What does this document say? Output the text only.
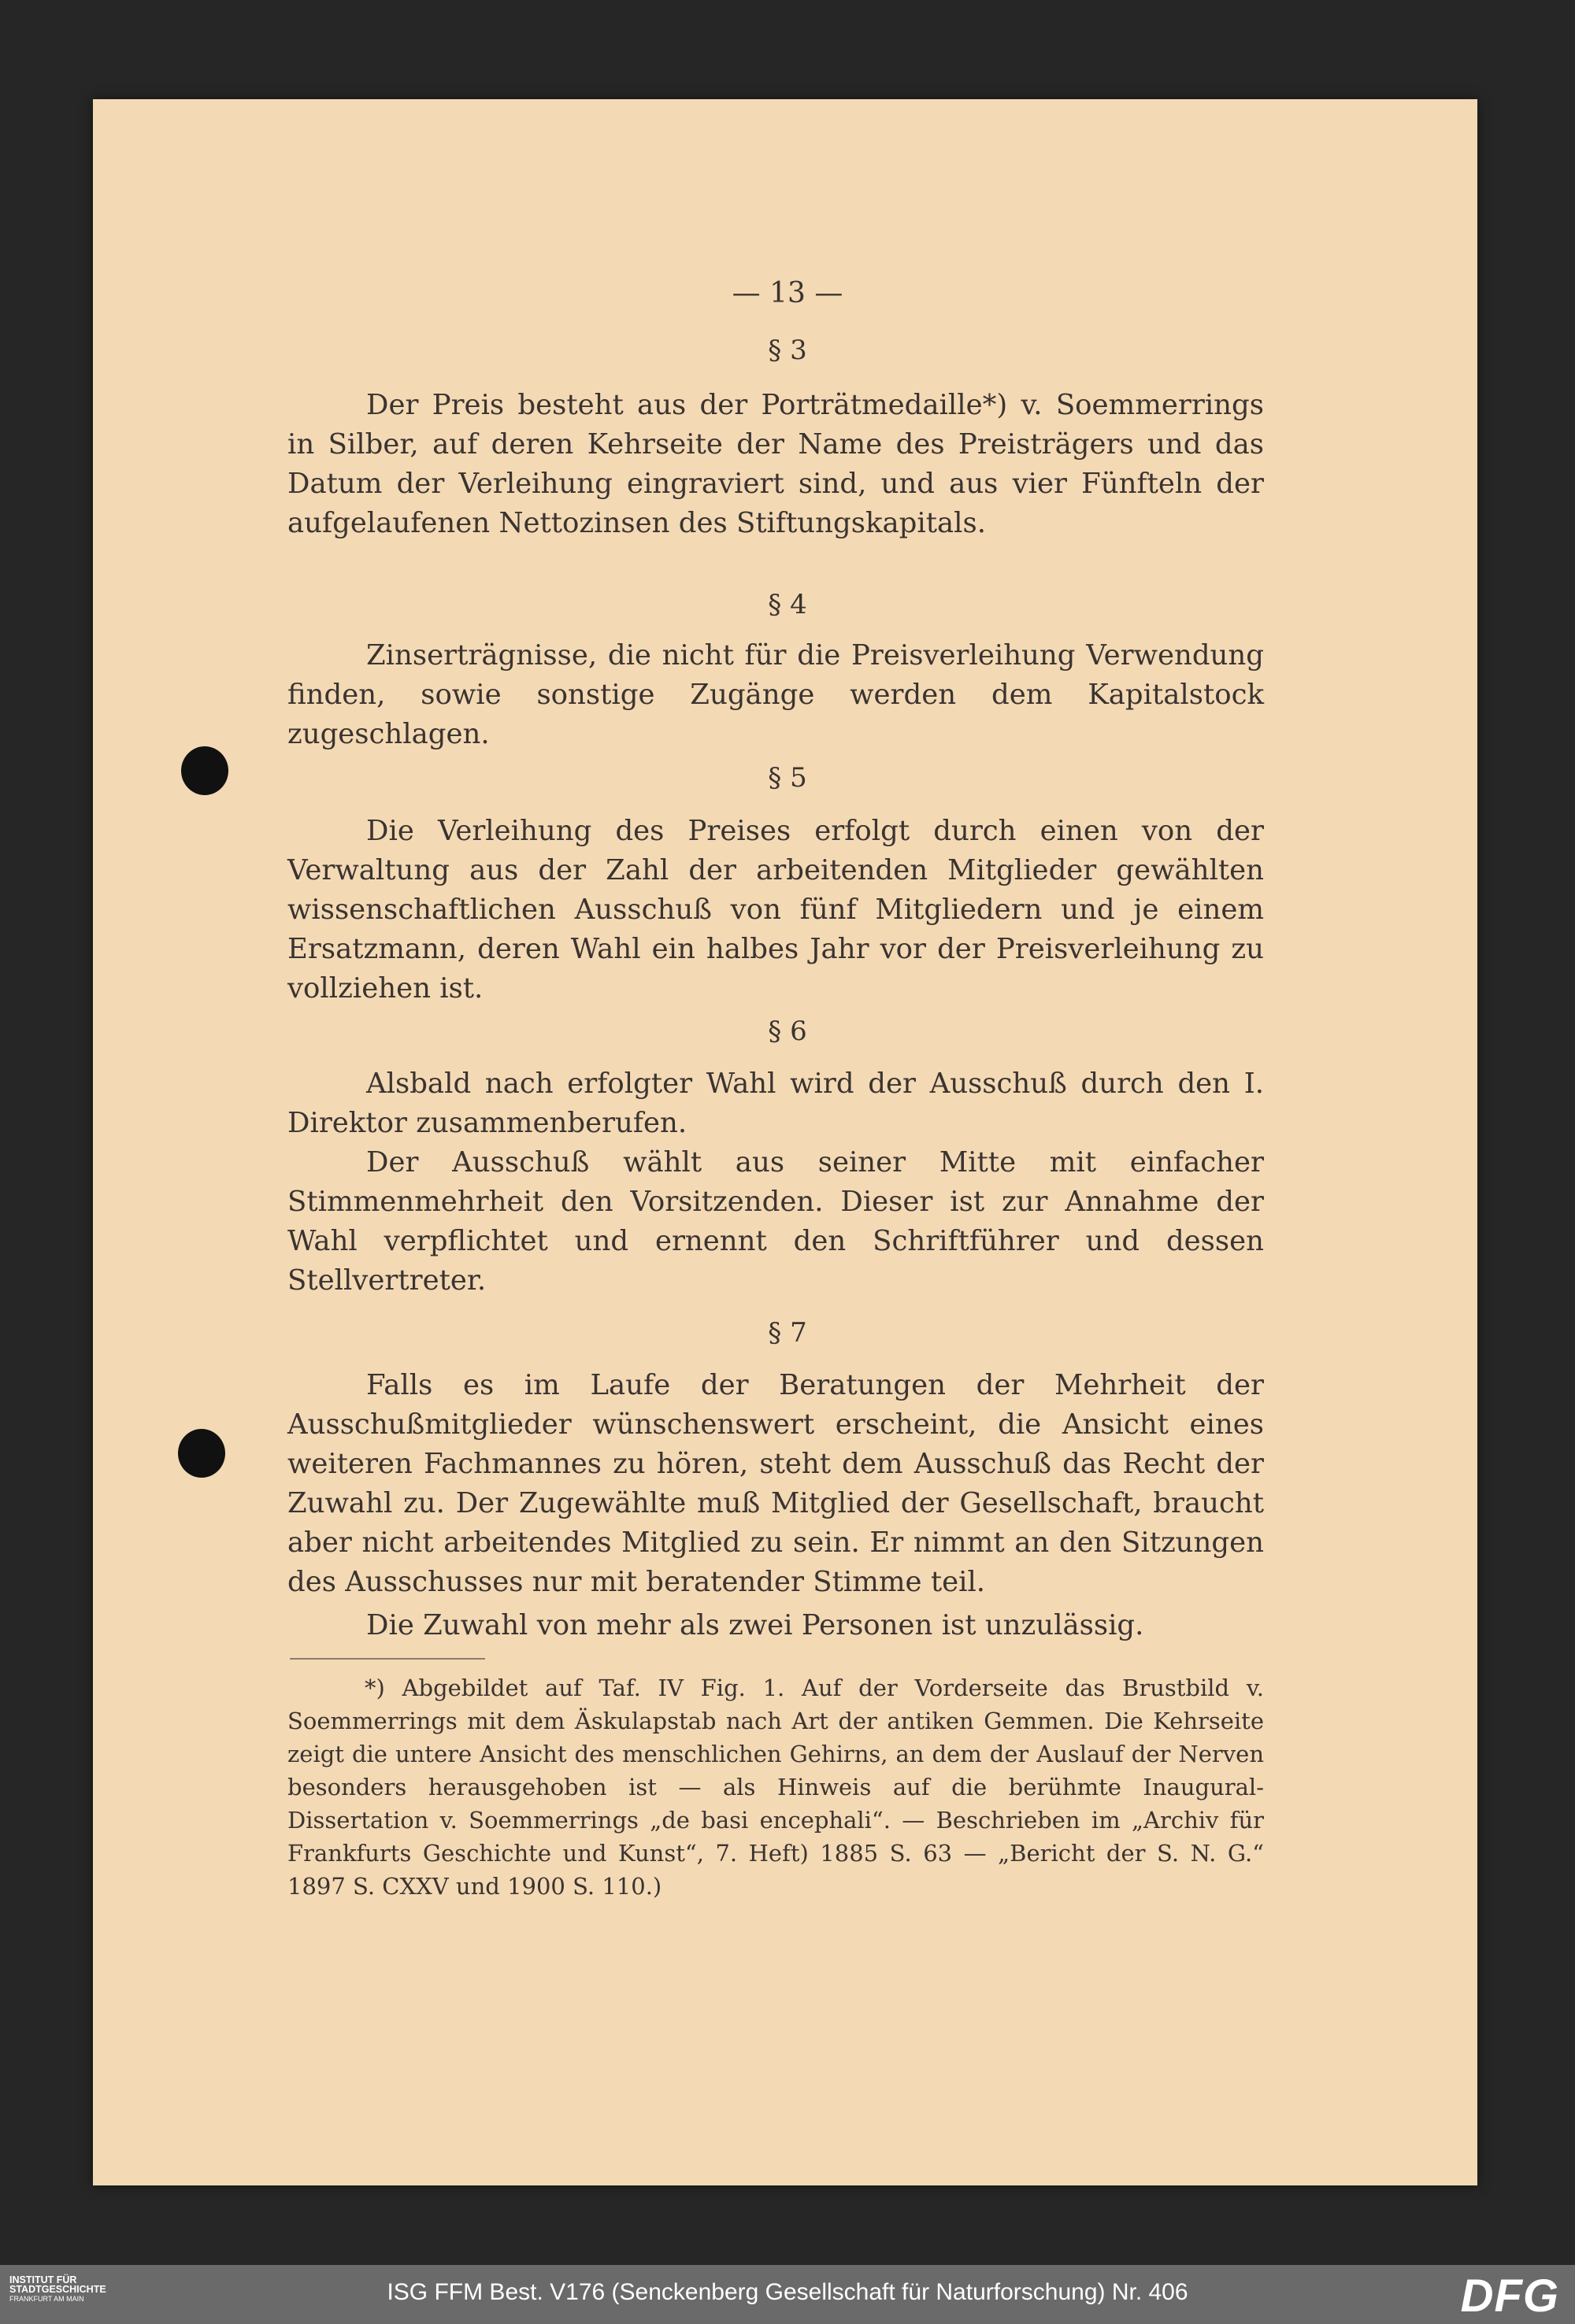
— 13 —
§ 3

Der Preis besteht aus der Porträtmedaille*) v. Soemmerrings in Silber, auf deren Kehrseite der Name des Preisträgers und das Datum der Verleihung eingraviert sind, und aus vier Fünfteln der aufgelaufenen Nettozinsen des Stiftungskapitals.

§ 4

Zinserträgnisse, die nicht für die Preisverleihung Verwendung finden, sowie sonstige Zugänge werden dem Kapitalstock zugeschlagen.

§ 5

Die Verleihung des Preises erfolgt durch einen von der Verwaltung aus der Zahl der arbeitenden Mitglieder gewählten wissenschaftlichen Ausschuß von fünf Mitgliedern und je einem Ersatzmann, deren Wahl ein halbes Jahr vor der Preisverleihung zu vollziehen ist.

§ 6

Alsbald nach erfolgter Wahl wird der Ausschuß durch den I. Direktor zusammenberufen.

Der Ausschuß wählt aus seiner Mitte mit einfacher Stimmenmehrheit den Vorsitzenden. Dieser ist zur Annahme der Wahl verpflichtet und ernennt den Schriftführer und dessen Stellvertreter.

§ 7

Falls es im Laufe der Beratungen der Mehrheit der Ausschußmitglieder wünschenswert erscheint, die Ansicht eines weiteren Fachmannes zu hören, steht dem Ausschuß das Recht der Zuwahl zu. Der Zugewählte muß Mitglied der Gesellschaft, braucht aber nicht arbeitendes Mitglied zu sein. Er nimmt an den Sitzungen des Ausschusses nur mit beratender Stimme teil.

Die Zuwahl von mehr als zwei Personen ist unzulässig.

*) Abgebildet auf Taf. IV Fig. 1. Auf der Vorderseite das Brustbild v. Soemmerrings mit dem Äskulapstab nach Art der antiken Gemmen. Die Kehrseite zeigt die untere Ansicht des menschlichen Gehirns, an dem der Auslauf der Nerven besonders herausgehoben ist — als Hinweis auf die berühmte Inaugural-Dissertation v. Soemmerrings „de basi encephali“. — Beschrieben im „Archiv für Frankfurts Geschichte und Kunst“, 7. Heft) 1885 S. 63 — „Bericht der S. N. G.“ 1897 S. CXXV und 1900 S. 110.)

INSTITUT FÜR
STADTGESCHICHTE
FRANKFURT AM MAIN	ISG FFM Best. V176 (Senckenberg Gesellschaft für Naturforschung) Nr. 406	DFG
